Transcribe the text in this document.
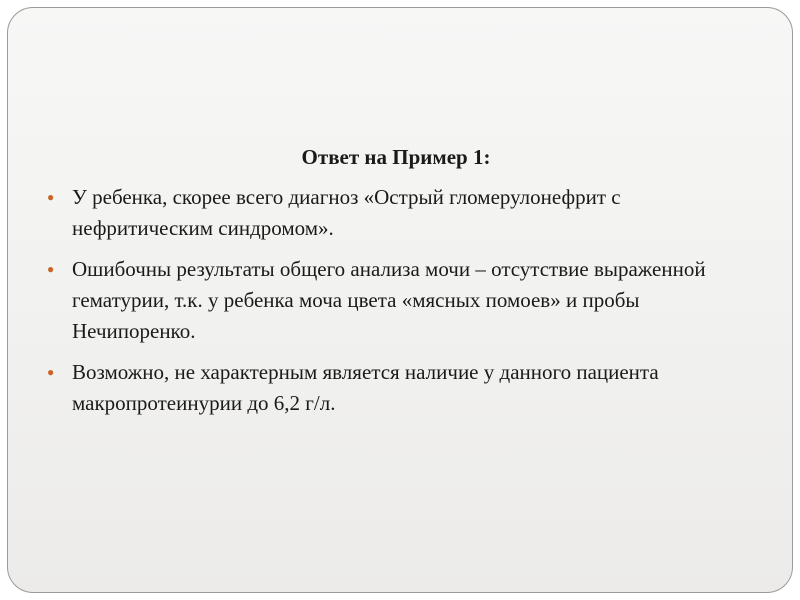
Ответ на Пример 1:
● У ребенка, скорее всего диагноз «Острый гломерулонефрит с нефритическим синдромом».
● Ошибочны результаты общего анализа мочи – отсутствие выраженной гематурии, т.к. у ребенка моча цвета «мясных помоев» и пробы Нечипоренко.
● Возможно, не характерным является наличие у данного пациента макропротеинурии до 6,2 г/л.
